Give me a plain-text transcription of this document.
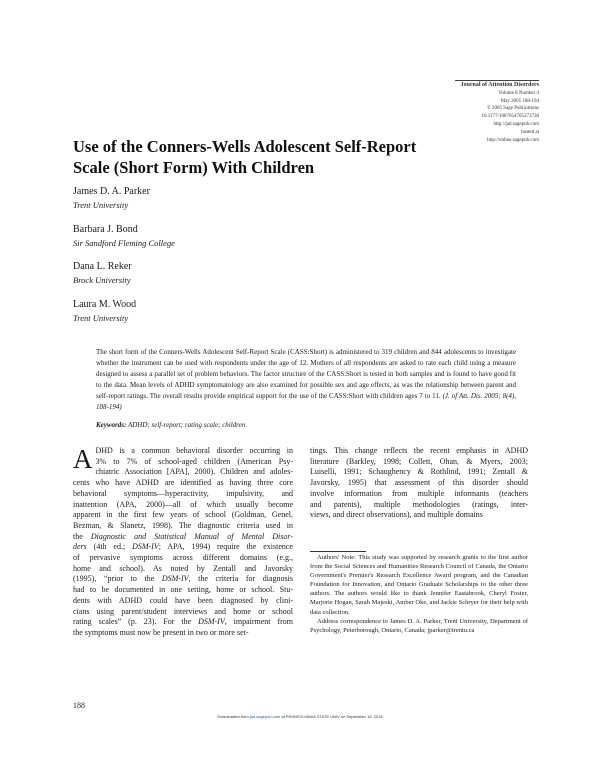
Journal of Attention Disorders
Volume 8 Number 4
May 2005 188-194
© 2005 Sage Publications
10.1177/1087054705273730
http://jad.sagepub.com
hosted at
http://online.sagepub.com
Use of the Conners-Wells Adolescent Self-Report
Scale (Short Form) With Children
James D. A. Parker
Trent University
Barbara J. Bond
Sir Sandford Fleming College
Dana L. Reker
Brock University
Laura M. Wood
Trent University
The short form of the Conners-Wells Adolescent Self-Report Scale (CASS:Short) is administered to 319 children and 844 adolescents to investigate whether the instrument can be used with respondents under the age of 12. Mothers of all respondents are asked to rate each child using a measure designed to assess a parallel set of problem behaviors. The factor structure of the CASS:Short is tested in both samples and is found to have good fit to the data. Mean levels of ADHD symptomatology are also examined for possible sex and age effects, as was the relationship between parent and self-report ratings. The overall results provide empirical support for the use of the CASS:Short with children ages 7 to 11. (J. of Att. Dis. 2005; 8(4), 188-194)
Keywords: ADHD; self-report; rating scale; children
A DHD is a common behavioral disorder occurring in
3% to 7% of school-aged children (American Psy-
chiatric Association [APA], 2000). Children and adoles-
cents who have ADHD are identified as having three core
behavioral symptoms—hyperactivity, impulsivity, and
inattention (APA, 2000)—all of which usually become
apparent in the first few years of school (Goldman, Genel,
Bezman, & Slanetz, 1998). The diagnostic criteria used in
the Diagnostic and Statistical Manual of Mental Disor-
ders (4th ed.; DSM-IV; APA, 1994) require the existence
of pervasive symptoms across different domains (e.g.,
home and school). As noted by Zentall and Javorsky
(1995), “prior to the DSM-IV, the criteria for diagnosis
had to be documented in one setting, home or school. Stu-
dents with ADHD could have been diagnosed by clini-
cians using parent/student interviews and home or school
rating scales” (p. 23). For the DSM-IV, impairment from
the symptoms must now be present in two or more set-
tings. This change reflects the recent emphasis in ADHD
literature (Barkley, 1998; Collett, Ohan, & Myers, 2003;
Luiselli, 1991; Schaughency & Rothlind, 1991; Zentall &
Javorsky, 1995) that assessment of this disorder should
involve information from multiple informants (teachers
and parents), multiple methodologies (ratings, inter-
views, and direct observations), and multiple domains

Authors' Note: This study was supported by research grants to the first author from the Social Sciences and Humanities Research Council of Canada, the Ontario Government's Premier's Research Excellence Award program, and the Canadian Foundation for Innovation, and Ontario Graduate Scholarships to the other three authors. The authors would like to thank Jennifer Eastabrook, Cheryl Foster, Marjorie Hogan, Sarah Majeski, Amber Oke, and Jackie Schryer for their help with data collection.

Address correspondence to James D. A. Parker, Trent University, Department of Psychology, Peterborough, Ontario, Canada; jparker@trentu.ca

188
Downloaded from jad.sagepub.com at PENNSYLVANIA STATE UNIV on September 16, 2016
